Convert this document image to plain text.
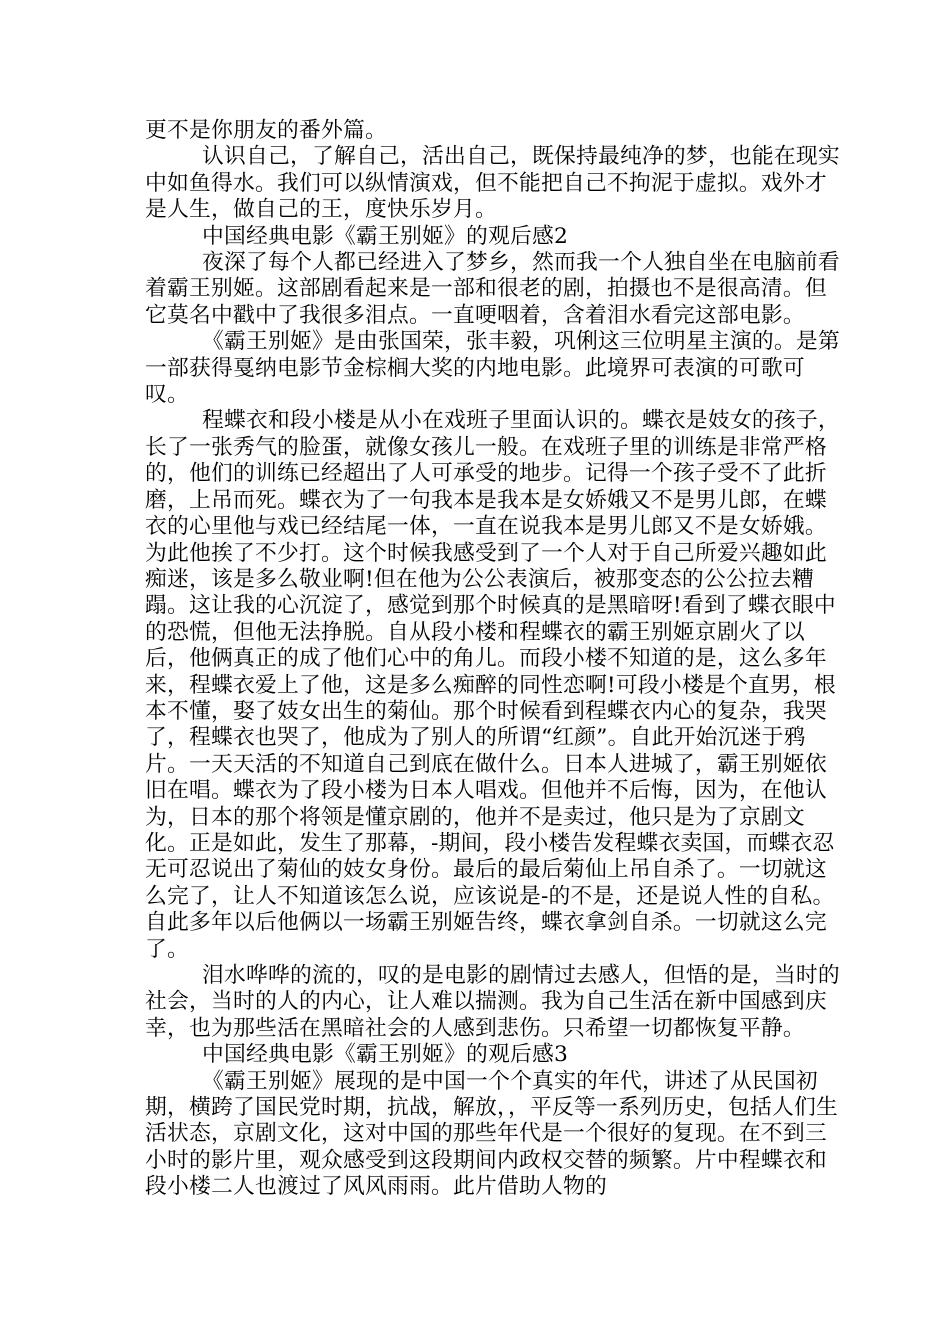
更不是你朋友的番外篇。

认识自己，了解自己，活出自己，既保持最纯净的梦，也能在现实中如鱼得水。我们可以纵情演戏，但不能把自己不拘泥于虚拟。戏外才是人生，做自己的王，度快乐岁月。

中国经典电影《霸王别姬》的观后感2

夜深了每个人都已经进入了梦乡，然而我一个人独自坐在电脑前看着霸王别姬。这部剧看起来是一部和很老的剧，拍摄也不是很高清。但它莫名中戳中了我很多泪点。一直哽咽着，含着泪水看完这部电影。

《霸王别姬》是由张国荣，张丰毅，巩俐这三位明星主演的。是第一部获得戛纳电影节金棕榈大奖的内地电影。此境界可表演的可歌可叹。

程蝶衣和段小楼是从小在戏班子里面认识的。蝶衣是妓女的孩子，长了一张秀气的脸蛋，就像女孩儿一般。在戏班子里的训练是非常严格的，他们的训练已经超出了人可承受的地步。记得一个孩子受不了此折磨，上吊而死。蝶衣为了一句我本是我本是女娇娥又不是男儿郎，在蝶衣的心里他与戏已经结尾一体，一直在说我本是男儿郎又不是女娇娥。为此他挨了不少打。这个时候我感受到了一个人对于自己所爱兴趣如此痴迷，该是多么敬业啊!但在他为公公表演后，被那变态的公公拉去糟蹋。这让我的心沉淀了，感觉到那个时候真的是黑暗呀!看到了蝶衣眼中的恐慌，但他无法挣脱。自从段小楼和程蝶衣的霸王别姬京剧火了以后，他俩真正的成了他们心中的角儿。而段小楼不知道的是，这么多年来，程蝶衣爱上了他，这是多么痴醉的同性恋啊!可段小楼是个直男，根本不懂，娶了妓女出生的菊仙。那个时候看到程蝶衣内心的复杂，我哭了，程蝶衣也哭了，他成为了别人的所谓“红颜”。自此开始沉迷于鸦片。一天天活的不知道自己到底在做什么。日本人进城了，霸王别姬依旧在唱。蝶衣为了段小楼为日本人唱戏。但他并不后悔，因为，在他认为，日本的那个将领是懂京剧的，他并不是卖过，他只是为了京剧文化。正是如此，发生了那幕，-期间，段小楼告发程蝶衣卖国，而蝶衣忍无可忍说出了菊仙的妓女身份。最后的最后菊仙上吊自杀了。一切就这么完了，让人不知道该怎么说，应该说是-的不是，还是说人性的自私。自此多年以后他俩以一场霸王别姬告终，蝶衣拿剑自杀。一切就这么完了。

泪水哗哗的流的，叹的是电影的剧情过去感人，但悟的是，当时的社会，当时的人的内心，让人难以揣测。我为自己生活在新中国感到庆幸，也为那些活在黑暗社会的人感到悲伤。只希望一切都恢复平静。

中国经典电影《霸王别姬》的观后感3

《霸王别姬》展现的是中国一个个真实的年代，讲述了从民国初期，横跨了国民党时期，抗战，解放，，平反等一系列历史，包括人们生活状态，京剧文化，这对中国的那些年代是一个很好的复现。在不到三小时的影片里，观众感受到这段期间内政权交替的频繁。片中程蝶衣和段小楼二人也渡过了风风雨雨。此片借助人物的
